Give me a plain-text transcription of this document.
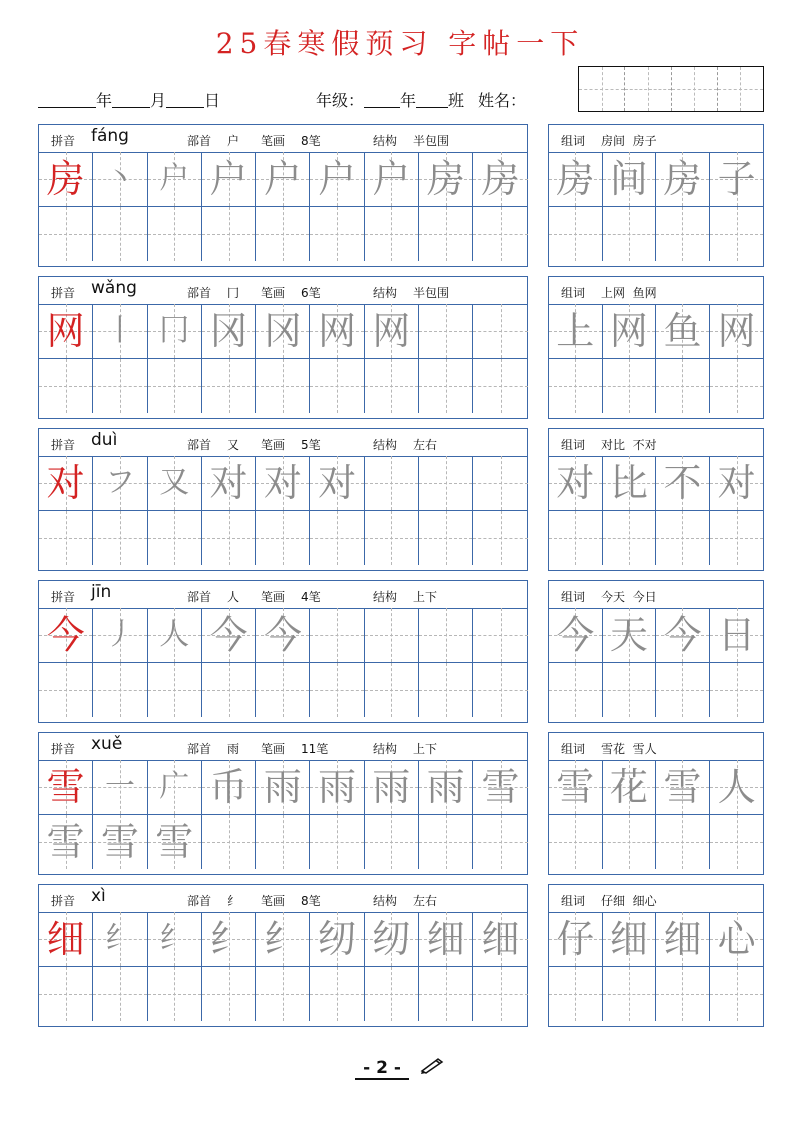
25春寒假预习 字帖一下
年 月 日	年级： 年 班 姓名：
拼音 fáng	部首 户 笔画 8笔	结构 半包围
房 丶 户 户 户 户 户 房 房
组词 房间  房子
房 间 房 子
拼音 wǎng	部首 冂 笔画 6笔	结构 半包围
网 丨 冂 冈 冈 网 网
组词 上网  鱼网
上 网 鱼 网
拼音 duì	部首 又 笔画 5笔	结构 左右
对 フ 又 对 对 对
组词 对比  不对
对 比 不 对
拼音 jīn	部首 人 笔画 4笔	结构 上下
今 丿 人 今 今
组词 今天  今日
今 天 今 日
拼音 xuě	部首 雨 笔画 11笔	结构 上下
雪 一 广 币 雨 雨 雨 雨 雪
雪 雪 雪
组词 雪花  雪人
雪 花 雪 人
拼音 xì	部首 纟 笔画 8笔	结构 左右
细 纟 纟 纟 纟 纫 纫 细 细
组词 仔细  细心
仔 细 细 心
- 2 -
